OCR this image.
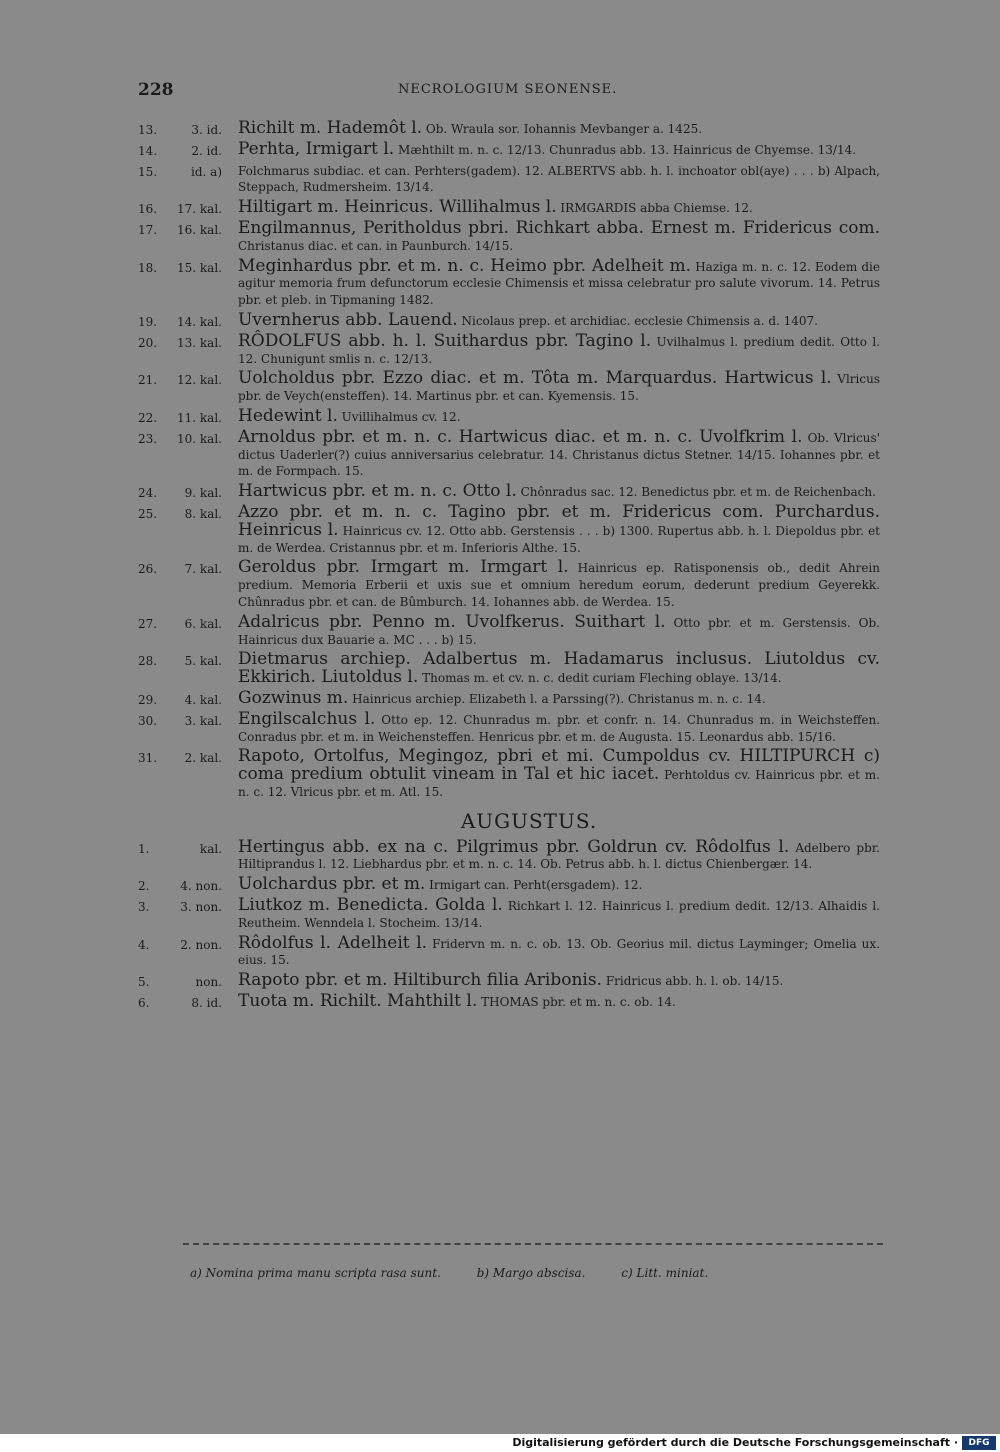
228	NECROLOGIUM SEONENSE.
13.	3. id. Richilt m. Hademôt l. Ob. Wraula sor. Iohannis Mevbanger a. 1425.
14.	2. id. Perhta, Irmigart l. Mæhthilt m. n. c. 12/13. Chunradus abb. 13. Hainricus de Chyemse. 13/14.
15.	id. a) Folchmarus subdiac. et can. Perhters(gadem). 12. ALBERTVS abb. h. l. inchoator obl(aye) . . . b) Alpach, Steppach, Rudmersheim. 13/14.
16.	17. kal. Hiltigart m. Heinricus. Willihalmus l. IRMGARDIS abba Chiemse. 12.
17.	16. kal. Engilmannus, Peritholdus pbri. Richkart abba. Ernest m. Fridericus com. Christanus diac. et can. in Paunburch. 14/15.
18.	15. kal. Meginhardus pbr. et m. n. c. Heimo pbr. Adelheit m. Haziga m. n. c. 12. Eodem die agitur memoria frum defunctorum ecclesie Chimensis et missa celebratur pro salute vivorum. 14. Petrus pbr. et pleb. in Tipmaning 1482.
19.	14. kal. Uvernherus abb. Lauend. Nicolaus prep. et archidiac. ecclesie Chimensis a. d. 1407.
20.	13. kal. RÔDOLFUS abb. h. l. Suithardus pbr. Tagino l. Uvilhalmus l. predium dedit. Otto l. 12. Chunigunt smlis n. c. 12/13.
21.	12. kal. Uolcholdus pbr. Ezzo diac. et m. Tôta m. Marquardus. Hartwicus l. Vlricus pbr. de Veych(ensteffen). 14. Martinus pbr. et can. Kyemensis. 15.
22.	11. kal. Hedewint l. Uvillihalmus cv. 12.
23.	10. kal. Arnoldus pbr. et m. n. c. Hartwicus diac. et m. n. c. Uvolfkrim l. Ob. Vlricus' dictus Uaderler(?) cuius anniversarius celebratur. 14. Christanus dictus Stetner. 14/15. Iohannes pbr. et m. de Formpach. 15.
24.	9. kal. Hartwicus pbr. et m. n. c. Otto l. Chônradus sac. 12. Benedictus pbr. et m. de Reichenbach.
25.	8. kal. Azzo pbr. et m. n. c. Tagino pbr. et m. Fridericus com. Purchardus. Heinricus l. Hainricus cv. 12. Otto abb. Gerstensis . . . b) 1300. Rupertus abb. h. l. Diepoldus pbr. et m. de Werdea. Cristannus pbr. et m. Inferioris Althe. 15.
26.	7. kal. Geroldus pbr. Irmgart m. Irmgart l. Hainricus ep. Ratisponensis ob., dedit Ahrein predium. Memoria Erberii et uxis sue et omnium heredum eorum, dederunt predium Geyerekk. Chûnradus pbr. et can. de Bûmburch. 14. Iohannes abb. de Werdea. 15.
27.	6. kal. Adalricus pbr. Penno m. Uvolfkerus. Suithart l. Otto pbr. et m. Gerstensis. Ob. Hainricus dux Bauarie a. MC . . . b) 15.
28.	5. kal. Dietmarus archiep. Adalbertus m. Hadamarus inclusus. Liutoldus cv. Ekkirich. Liutoldus l. Thomas m. et cv. n. c. dedit curiam Fleching oblaye. 13/14.
29.	4. kal. Gozwinus m. Hainricus archiep. Elizabeth l. a Parssing(?). Christanus m. n. c. 14.
30.	3. kal. Engilscalchus l. Otto ep. 12. Chunradus m. pbr. et confr. n. 14. Chunradus m. in Weichsteffen. Conradus pbr. et m. in Weichensteffen. Henricus pbr. et m. de Augusta. 15. Leonardus abb. 15/16.
31.	2. kal. Rapoto, Ortolfus, Megingoz, pbri et mi. Cumpoldus cv. HILTIPURCH c) coma predium obtulit vineam in Tal et hic iacet. Perhtoldus cv. Hainricus pbr. et m. n. c. 12. Vlricus pbr. et m. Atl. 15.
AUGUSTUS.
1.	kal. Hertingus abb. ex na c. Pilgrimus pbr. Goldrun cv. Rôdolfus l. Adelbero pbr. Hiltiprandus l. 12. Liebhardus pbr. et m. n. c. 14. Ob. Petrus abb. h. l. dictus Chienbergær. 14.
2.	4. non. Uolchardus pbr. et m. Irmigart can. Perht(ersgadem). 12.
3.	3. non. Liutkoz m. Benedicta. Golda l. Richkart l. 12. Hainricus l. predium dedit. 12/13. Alhaidis l. Reutheim. Wenndela l. Stocheim. 13/14.
4.	2. non. Rôdolfus l. Adelheit l. Fridervn m. n. c. ob. 13. Ob. Georius mil. dictus Layminger; Omelia ux. eius. 15.
5.	non. Rapoto pbr. et m. Hiltiburch filia Aribonis. Fridricus abb. h. l. ob. 14/15.
6.	8. id. Tuota m. Richilt. Mahthilt l. THOMAS pbr. et m. n. c. ob. 14.
a) Nomina prima manu scripta rasa sunt.	b) Margo abscisa.	c) Litt. miniat.
Digitalisierung gefördert durch die Deutsche Forschungsgemeinschaft ·	DFG
